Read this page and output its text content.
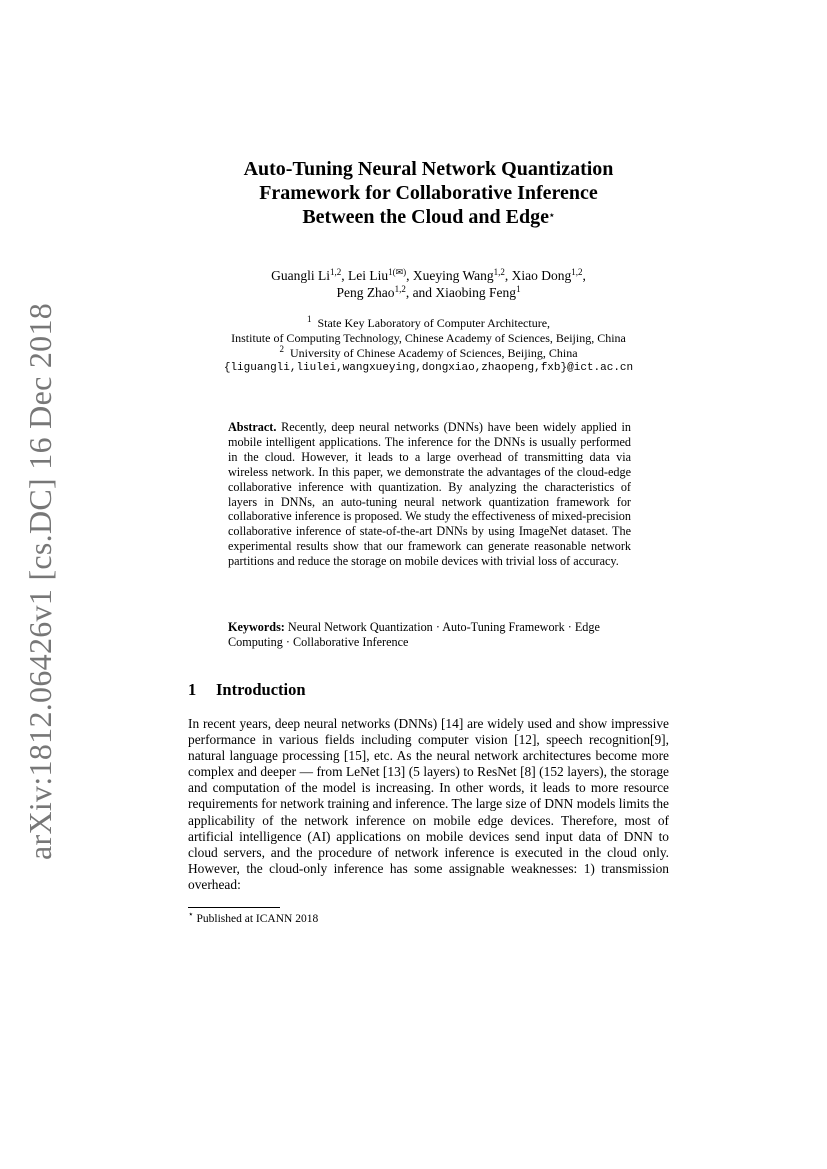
arXiv:1812.06426v1 [cs.DC] 16 Dec 2018
Auto-Tuning Neural Network Quantization
Framework for Collaborative Inference
Between the Cloud and Edge⋆
Guangli Li$^{1,2}$, Lei Liu$^{1(✉)}$, Xueying Wang$^{1,2}$, Xiao Dong$^{1,2}$,
Peng Zhao$^{1,2}$, and Xiaobing Feng$^1$
$^1$ State Key Laboratory of Computer Architecture,
Institute of Computing Technology, Chinese Academy of Sciences, Beijing, China
$^2$ University of Chinese Academy of Sciences, Beijing, China
{liguangli,liulei,wangxueying,dongxiao,zhaopeng,fxb}@ict.ac.cn
Abstract. Recently, deep neural networks (DNNs) have been widely applied in mobile intelligent applications. The inference for the DNNs is usually performed in the cloud. However, it leads to a large overhead of transmitting data via wireless network. In this paper, we demonstrate the advantages of the cloud-edge collaborative inference with quantization. By analyzing the characteristics of layers in DNNs, an auto-tuning neural network quantization framework for collaborative inference is proposed. We study the effectiveness of mixed-precision collaborative inference of state-of-the-art DNNs by using ImageNet dataset. The experimental results show that our framework can generate reasonable network partitions and reduce the storage on mobile devices with trivial loss of accuracy.
Keywords: Neural Network Quantization · Auto-Tuning Framework · Edge Computing · Collaborative Inference
1 Introduction
In recent years, deep neural networks (DNNs) [14] are widely used and show impressive performance in various fields including computer vision [12], speech recognition[9], natural language processing [15], etc. As the neural network architectures become more complex and deeper — from LeNet [13] (5 layers) to ResNet [8] (152 layers), the storage and computation of the model is increasing. In other words, it leads to more resource requirements for network training and inference. The large size of DNN models limits the applicability of the network inference on mobile edge devices. Therefore, most of artificial intelligence (AI) applications on mobile devices send input data of DNN to cloud servers, and the procedure of network inference is executed in the cloud only. However, the cloud-only inference has some assignable weaknesses: 1) transmission overhead:
⋆ Published at ICANN 2018
